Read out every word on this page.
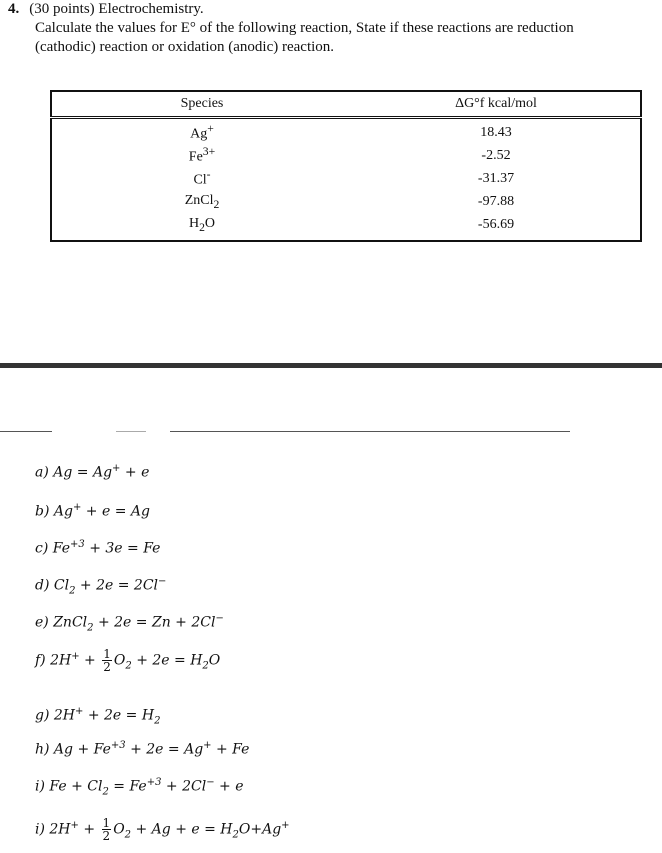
4. (30 points) Electrochemistry.
Calculate the values for E° of the following reaction, State if these reactions are reduction
(cathodic) reaction or oxidation (anodic) reaction.
Species	ΔG°f kcal/mol
Ag+	18.43
$Fe^{3+}$	-2.52
Cl-	-31.37
ZnCl$_2$	-97.88
$H_2O$	-56.69
a) Ag = Ag+ + e
b) Ag+ + e = Ag
c) $Fe^{+3} + 3e = Fe$
d) $Cl_2 + 2e = 2Cl^-$
e) ZnCl$_2$ + 2e = Zn + 2Cl−
f) $2H^+ + \frac{1}{2} O_2 + 2e = H_2O$
g) $2H^+ + 2e = H_2$
h) $Ag + Fe^{+3} + 2e = Ag^+ + Fe$
i) $Fe + Cl_2 = Fe^{+3} + 2Cl^- + e$
i) $2H^+ + \frac{1}{2} O_2 + Ag + e = H_2O+Ag^+$
